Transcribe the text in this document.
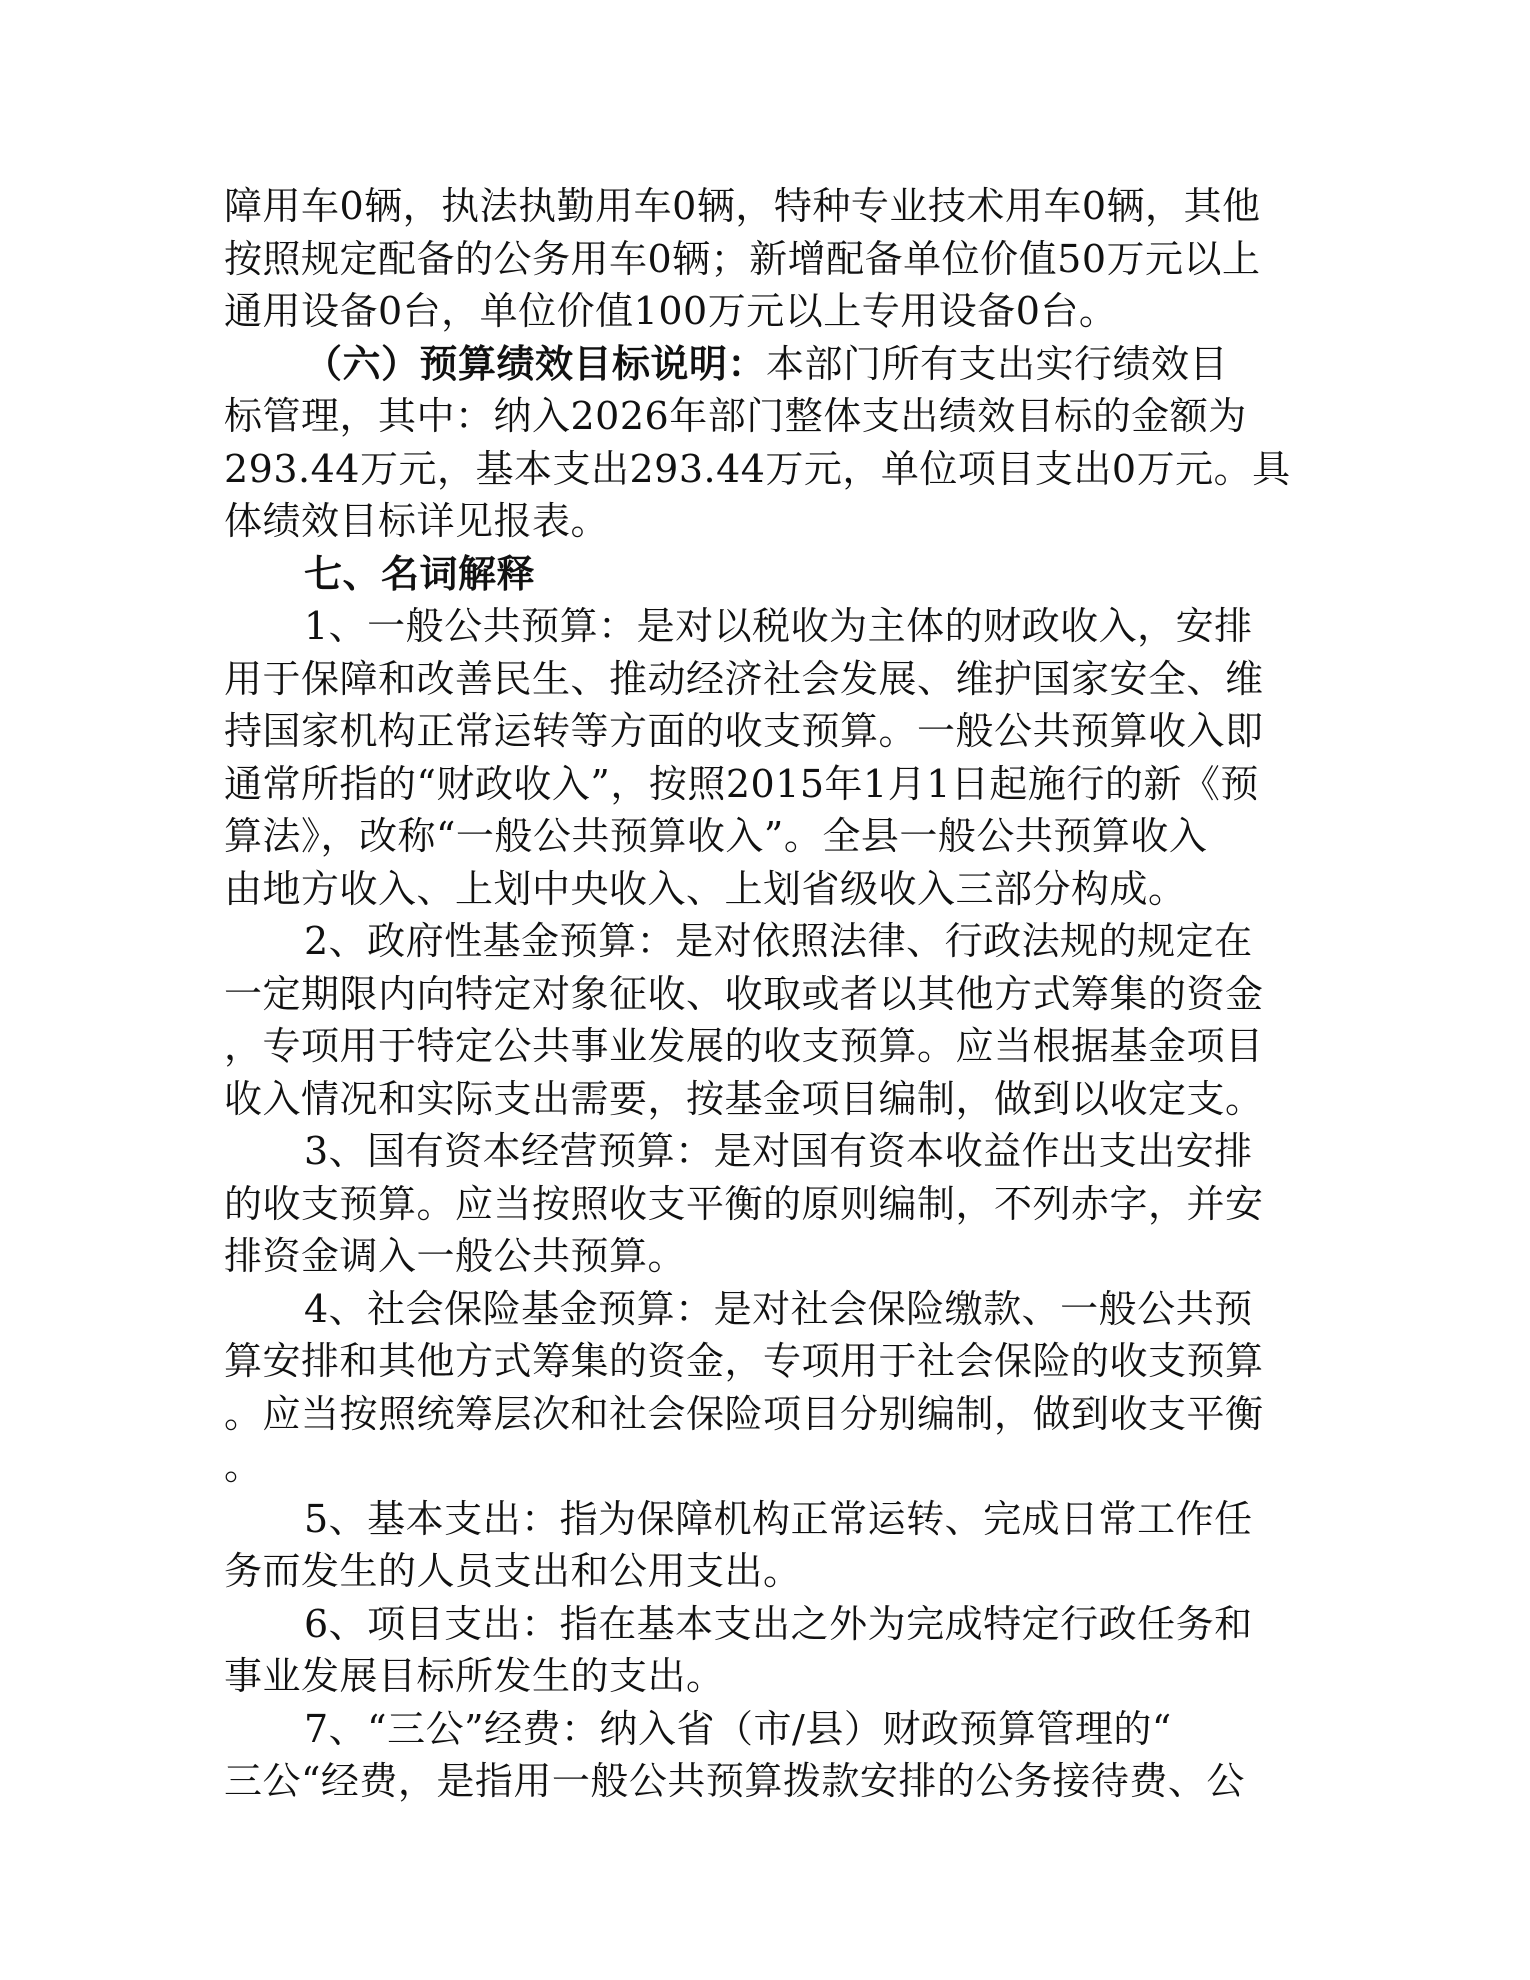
障用车0辆，执法执勤用车0辆，特种专业技术用车0辆，其他
按照规定配备的公务用车0辆；新增配备单位价值50万元以上
通用设备0台，单位价值100万元以上专用设备0台。
（六）预算绩效目标说明：本部门所有支出实行绩效目
标管理，其中：纳入2026年部门整体支出绩效目标的金额为
293.44万元，基本支出293.44万元，单位项目支出0万元。具
体绩效目标详见报表。
七、名词解释
1、一般公共预算：是对以税收为主体的财政收入，安排
用于保障和改善民生、推动经济社会发展、维护国家安全、维
持国家机构正常运转等方面的收支预算。一般公共预算收入即
通常所指的“财政收入”，按照2015年1月1日起施行的新《预
算法》，改称“一般公共预算收入”。全县一般公共预算收入
由地方收入、上划中央收入、上划省级收入三部分构成。
2、政府性基金预算：是对依照法律、行政法规的规定在
一定期限内向特定对象征收、收取或者以其他方式筹集的资金
，专项用于特定公共事业发展的收支预算。应当根据基金项目
收入情况和实际支出需要，按基金项目编制，做到以收定支。
3、国有资本经营预算：是对国有资本收益作出支出安排
的收支预算。应当按照收支平衡的原则编制，不列赤字，并安
排资金调入一般公共预算。
4、社会保险基金预算：是对社会保险缴款、一般公共预
算安排和其他方式筹集的资金，专项用于社会保险的收支预算
。应当按照统筹层次和社会保险项目分别编制，做到收支平衡
。
5、基本支出：指为保障机构正常运转、完成日常工作任
务而发生的人员支出和公用支出。
6、项目支出：指在基本支出之外为完成特定行政任务和
事业发展目标所发生的支出。
7、“三公”经费：纳入省（市/县）财政预算管理的“
三公“经费，是指用一般公共预算拨款安排的公务接待费、公
